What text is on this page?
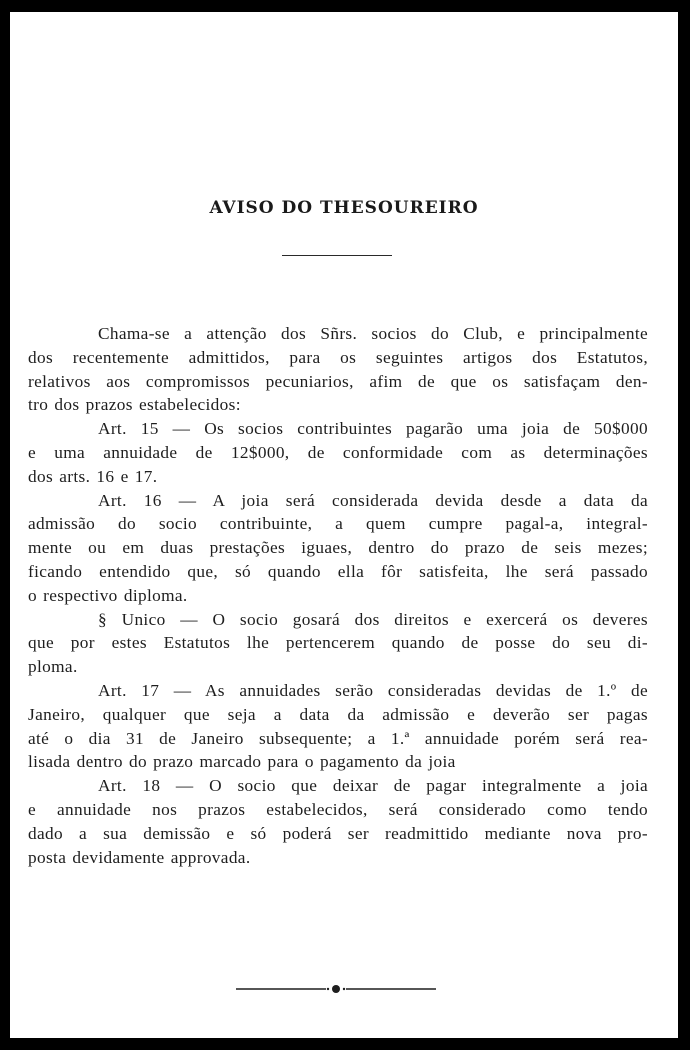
AVISO DO THESOUREIRO

Chama-se a attenção dos Sñrs. socios do Club, e principalmente
dos recentemente admittidos, para os seguintes artigos dos Estatutos,
relativos aos compromissos pecuniarios, afim de que os satisfaçam den-
tro dos prazos estabelecidos:

Art. 15 — Os socios contribuintes pagarão uma joia de 50$000
e uma annuidade de 12$000, de conformidade com as determinações
dos arts. 16 e 17.

Art. 16 — A joia será considerada devida desde a data da
admissão do socio contribuinte, a quem cumpre pagal-a, integral-
mente ou em duas prestações iguaes, dentro do prazo de seis mezes;
ficando entendido que, só quando ella fôr satisfeita, lhe será passado
o respectivo diploma.

§ Unico — O socio gosará dos direitos e exercerá os deveres
que por estes Estatutos lhe pertencerem quando de posse do seu di-
ploma.

Art. 17 — As annuidades serão consideradas devidas de 1.º de
Janeiro, qualquer que seja a data da admissão e deverão ser pagas
até o dia 31 de Janeiro subsequente; a 1.ª annuidade porém será rea-
lisada dentro do prazo marcado para o pagamento da joia

Art. 18 — O socio que deixar de pagar integralmente a joia
e annuidade nos prazos estabelecidos, será considerado como tendo
dado a sua demissão e só poderá ser readmittido mediante nova pro-
posta devidamente approvada.
